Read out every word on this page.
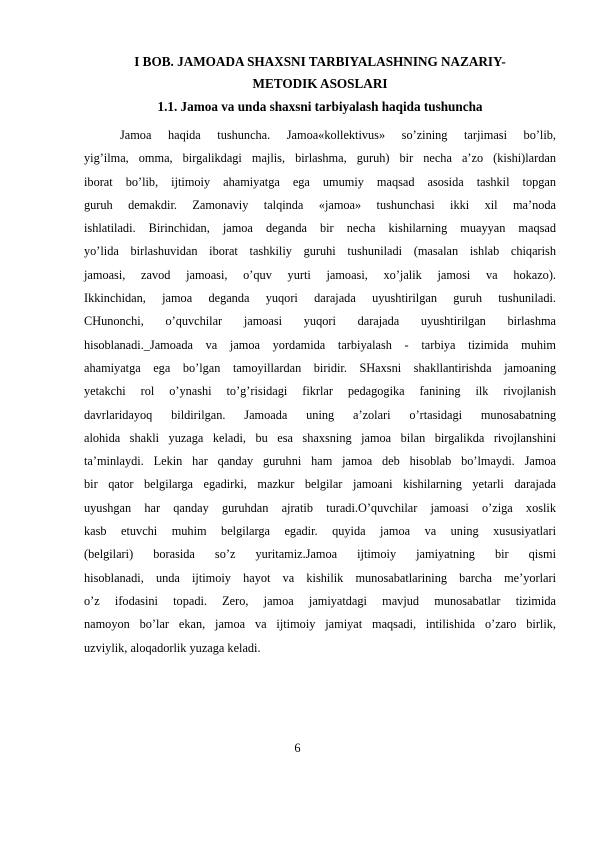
I BOB. JAMOADA SHAXSNI TARBIYALASHNING NAZARIY-
METODIK ASOSLARI
1.1. Jamoa va unda shaxsni tarbiyalash haqida tushuncha
Jamoa haqida tushuncha. Jamoa«kollektivus» so’zining tarjimasi bo’lib,
yig’ilma, omma, birgalikdagi majlis, birlashma, guruh) bir necha a’zo (kishi)lardan
iborat bo’lib, ijtimoiy ahamiyatga ega umumiy maqsad asosida tashkil topgan
guruh demakdir. Zamonaviy talqinda «jamoa» tushunchasi ikki xil ma’noda
ishlatiladi. Birinchidan, jamoa deganda bir necha kishilarning muayyan maqsad
yo’lida birlashuvidan iborat tashkiliy guruhi tushuniladi (masalan ishlab chiqarish
jamoasi, zavod jamoasi, o’quv yurti jamoasi, xo’jalik jamosi va hokazo).
Ikkinchidan, jamoa deganda yuqori darajada uyushtirilgan guruh tushuniladi.
CHunonchi, o’quvchilar jamoasi yuqori darajada uyushtirilgan birlashma
hisoblanadi._Jamoada va jamoa yordamida tarbiyalash - tarbiya tizimida muhim
ahamiyatga ega bo’lgan tamoyillardan biridir. SHaxsni shakllantirishda jamoaning
yetakchi rol o’ynashi to’g’risidagi fikrlar pedagogika fanining ilk rivojlanish
davrlaridayoq bildirilgan. Jamoada uning a’zolari o’rtasidagi munosabatning
alohida shakli yuzaga keladi, bu esa shaxsning jamoa bilan birgalikda rivojlanshini
ta’minlaydi. Lekin har qanday guruhni ham jamoa deb hisoblab bo’lmaydi. Jamoa
bir qator belgilarga egadirki, mazkur belgilar jamoani kishilarning yetarli darajada
uyushgan har qanday guruhdan ajratib turadi.O’quvchilar jamoasi o’ziga xoslik
kasb etuvchi muhim belgilarga egadir. quyida jamoa va uning xususiyatlari
(belgilari) borasida so’z yuritamiz.Jamoa ijtimoiy jamiyatning bir qismi
hisoblanadi, unda ijtimoiy hayot va kishilik munosabatlarining barcha me’yorlari
o’z ifodasini topadi. Zero, jamoa jamiyatdagi mavjud munosabatlar tizimida
namoyon bo’lar ekan, jamoa va ijtimoiy jamiyat maqsadi, intilishida o’zaro birlik,
uzviylik, aloqadorlik yuzaga keladi.
6
